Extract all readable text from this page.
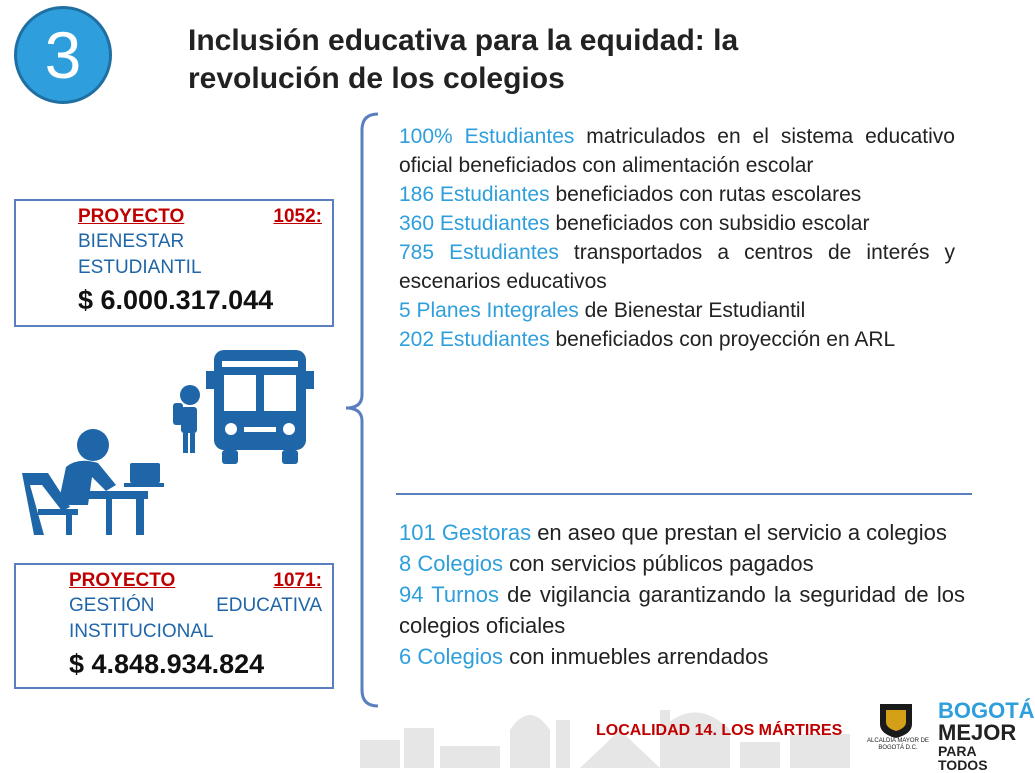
3	Inclusión educativa para la equidad: la
revolución de los colegios
PROYECTO	1052:
BIENESTAR
ESTUDIANTIL
$ 6.000.317.044
PROYECTO	1071:
GESTIÓN EDUCATIVA
INSTITUCIONAL
$ 4.848.934.824
100% Estudiantes matriculados en el sistema educativo oficial beneficiados con alimentación escolar
186 Estudiantes beneficiados con rutas escolares
360 Estudiantes beneficiados con subsidio escolar
785 Estudiantes transportados a centros de interés y escenarios educativos
5 Planes Integrales de Bienestar Estudiantil
202 Estudiantes beneficiados con proyección en ARL
101 Gestoras en aseo que prestan el servicio a colegios
8 Colegios con servicios públicos pagados
94 Turnos de vigilancia garantizando la seguridad de los colegios oficiales
6 Colegios con inmuebles arrendados
LOCALIDAD 14. LOS MÁRTIRES
ALCALDÍA MAYOR DE BOGOTÁ D.C.
BOGOTÁ
MEJOR
PARA TODOS
